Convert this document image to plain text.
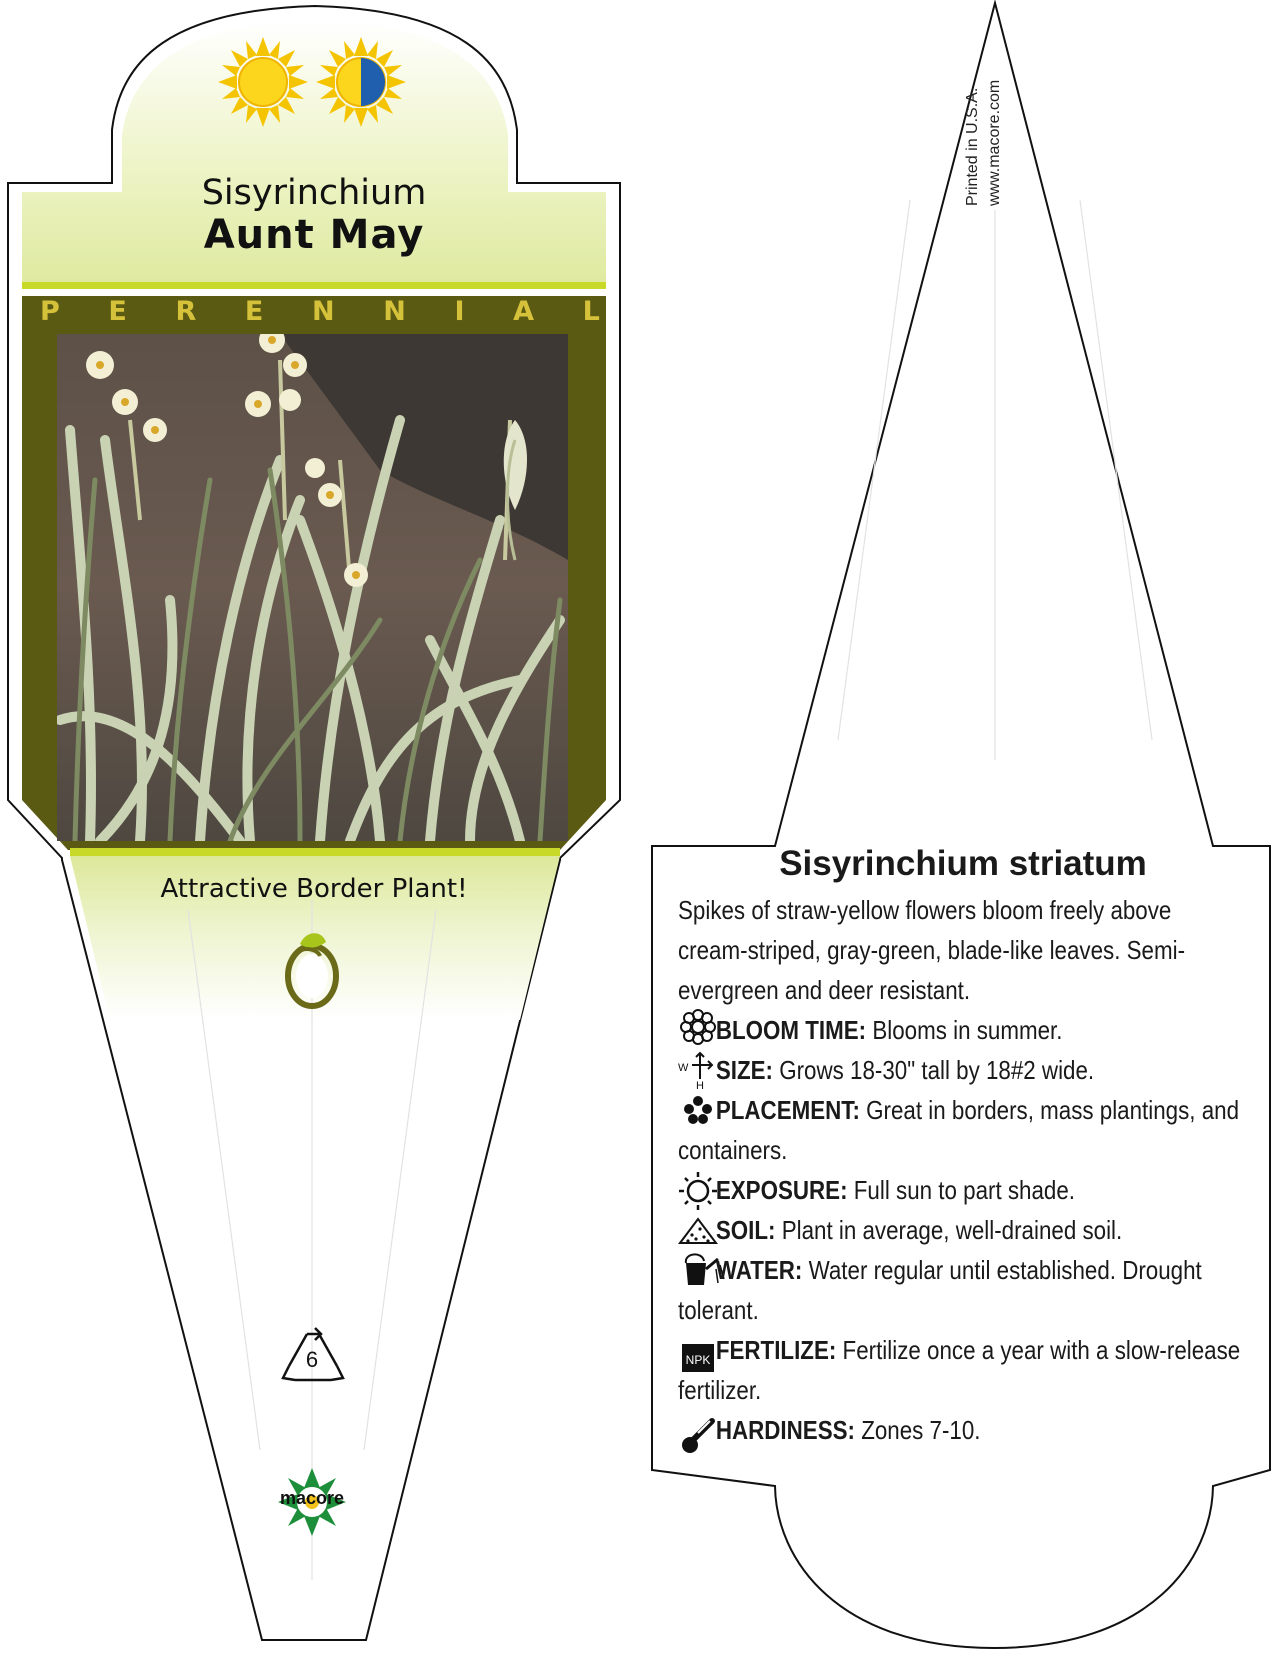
W
H
NPK
Sisyrinchium
Aunt May
P E R E N N I A L
Attractive Border Plant!
6
macore
Printed in U.S.A. www.macore.com
Sisyrinchium striatum

Spikes of straw-yellow flowers bloom freely above cream-striped, gray-green, blade-like leaves. Semi-evergreen and deer resistant.

BLOOM TIME: Blooms in summer.

SIZE: Grows 18-30" tall by 18#2 wide.

PLACEMENT: Great in borders, mass plantings, and containers.

EXPOSURE: Full sun to part shade.

SOIL: Plant in average, well-drained soil.

WATER: Water regular until established. Drought tolerant.

FERTILIZE: Fertilize once a year with a slow-release fertilizer.

HARDINESS: Zones 7-10.
